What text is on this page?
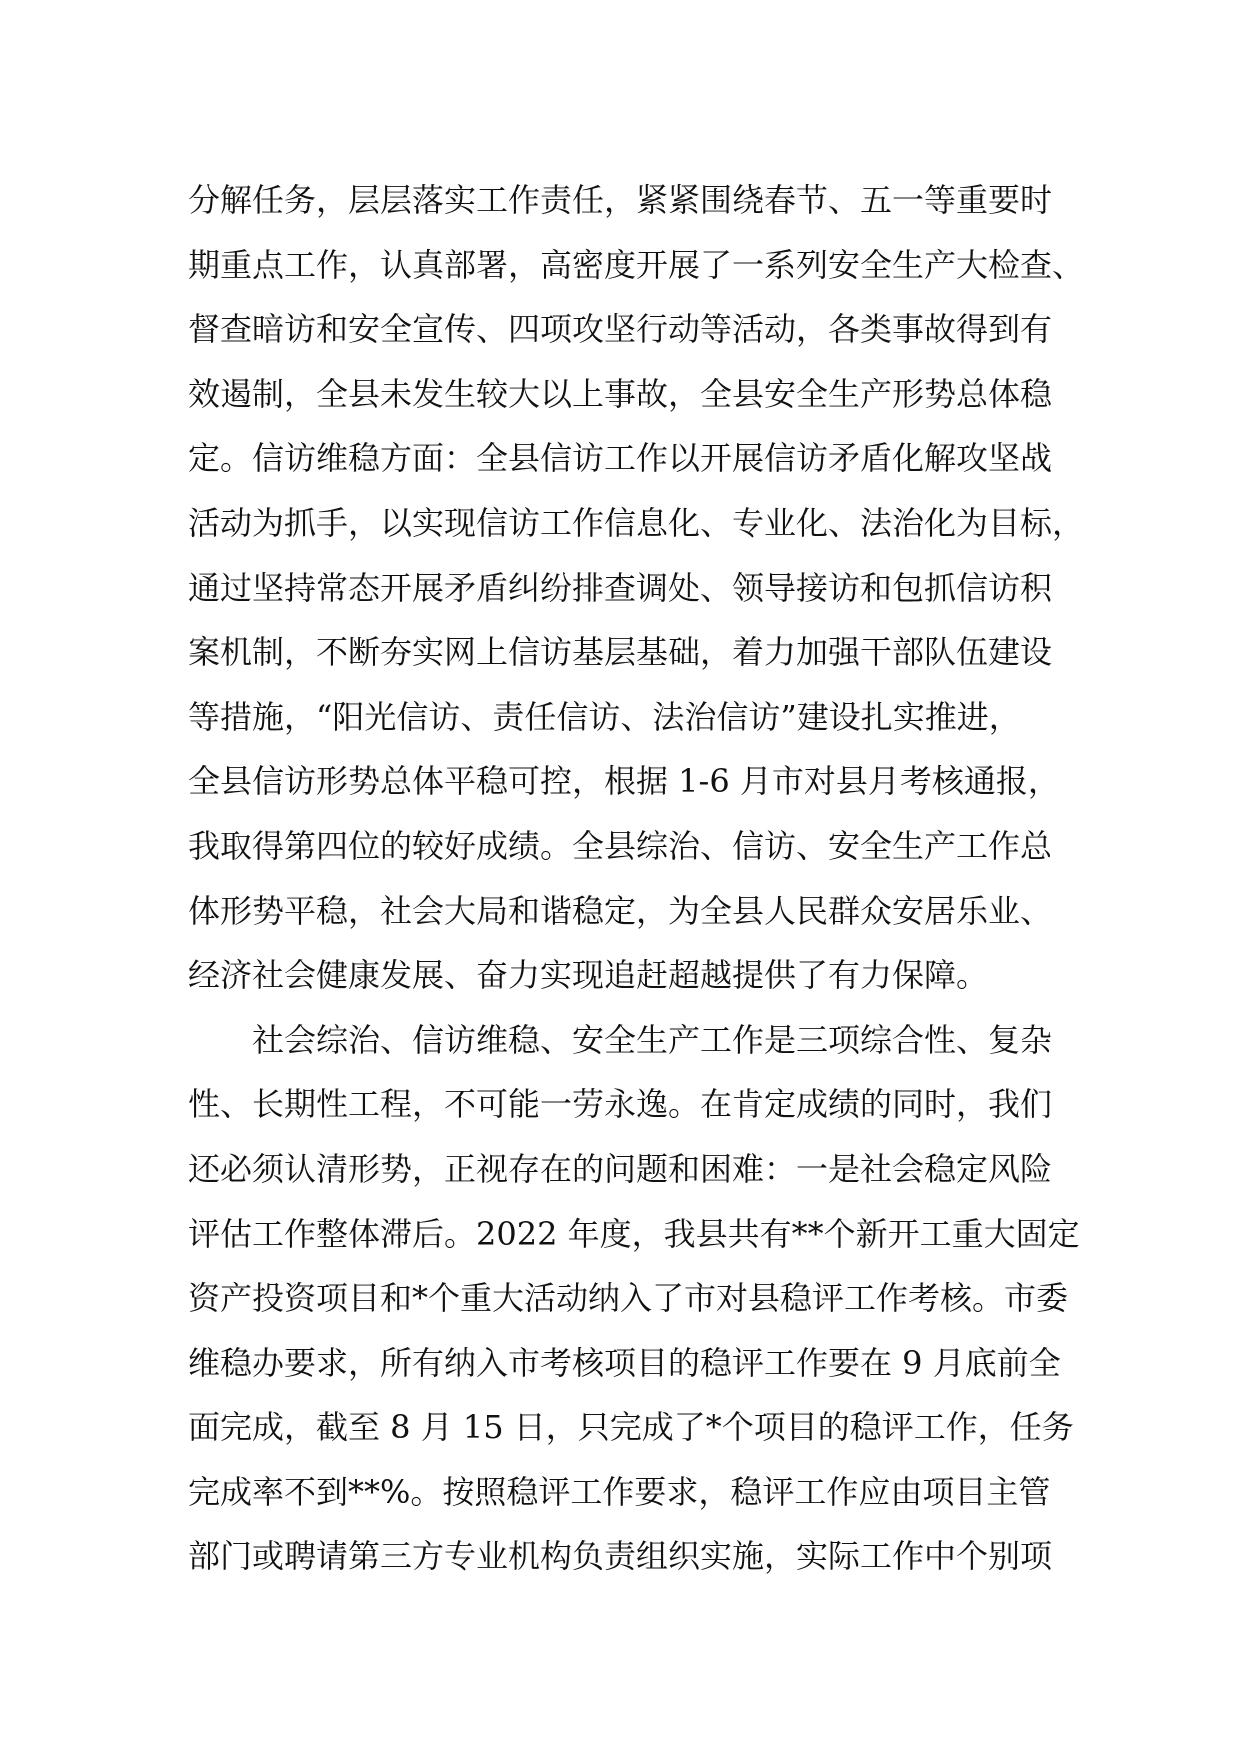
分解任务，层层落实工作责任，紧紧围绕春节、五一等重要时
期重点工作，认真部署，高密度开展了一系列安全生产大检查、
督查暗访和安全宣传、四项攻坚行动等活动，各类事故得到有
效遏制，全县未发生较大以上事故，全县安全生产形势总体稳
定。信访维稳方面：全县信访工作以开展信访矛盾化解攻坚战
活动为抓手，以实现信访工作信息化、专业化、法治化为目标，
通过坚持常态开展矛盾纠纷排查调处、领导接访和包抓信访积
案机制，不断夯实网上信访基层基础，着力加强干部队伍建设
等措施，“阳光信访、责任信访、法治信访”建设扎实推进，
全县信访形势总体平稳可控，根据 1-6 月市对县月考核通报，
我取得第四位的较好成绩。全县综治、信访、安全生产工作总
体形势平稳，社会大局和谐稳定，为全县人民群众安居乐业、
经济社会健康发展、奋力实现追赶超越提供了有力保障。
社会综治、信访维稳、安全生产工作是三项综合性、复杂
性、长期性工程，不可能一劳永逸。在肯定成绩的同时，我们
还必须认清形势，正视存在的问题和困难：一是社会稳定风险
评估工作整体滞后。2022 年度，我县共有**个新开工重大固定
资产投资项目和*个重大活动纳入了市对县稳评工作考核。市委
维稳办要求，所有纳入市考核项目的稳评工作要在 9 月底前全
面完成，截至 8 月 15 日，只完成了*个项目的稳评工作，任务
完成率不到**%。按照稳评工作要求，稳评工作应由项目主管
部门或聘请第三方专业机构负责组织实施，实际工作中个别项
